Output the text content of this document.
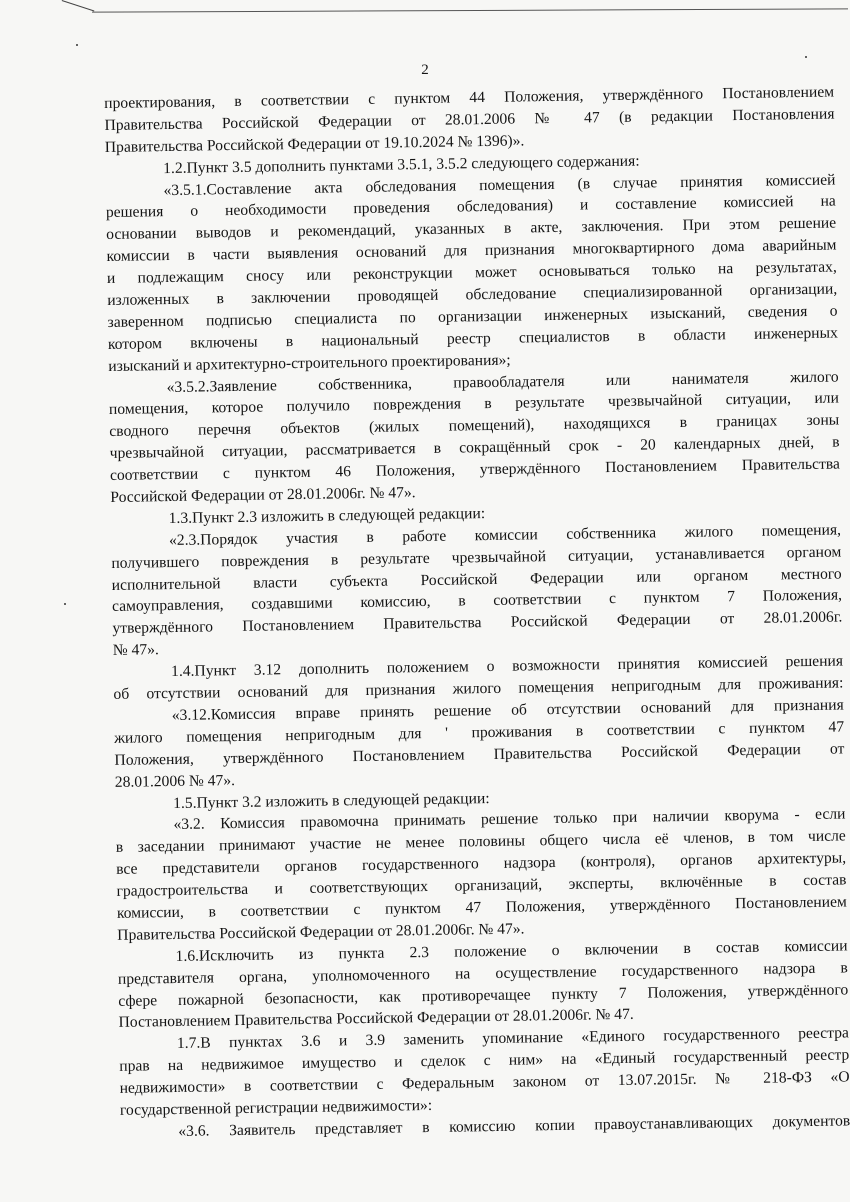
2
проектирования, в соответствии с пунктом 44 Положения, утверждённого Постановлением
Правительства Российской Федерации от 28.01.2006 № 47 (в редакции Постановления
Правительства Российской Федерации от 19.10.2024 № 1396)».
1.2.Пункт 3.5 дополнить пунктами 3.5.1, 3.5.2 следующего содержания:
«3.5.1.Составление акта обследования помещения (в случае принятия комиссией
решения о необходимости проведения обследования) и составление комиссией на
основании выводов и рекомендаций, указанных в акте, заключения. При этом решение
комиссии в части выявления оснований для признания многоквартирного дома аварийным
и подлежащим сносу или реконструкции может основываться только на результатах,
изложенных в заключении проводящей обследование специализированной организации,
заверенном подписью специалиста по организации инженерных изысканий, сведения о
котором включены в национальный реестр специалистов в области инженерных
изысканий и архитектурно-строительного проектирования»;
«3.5.2.Заявление собственника, правообладателя или нанимателя жилого
помещения, которое получило повреждения в результате чрезвычайной ситуации, или
сводного перечня объектов (жилых помещений), находящихся в границах зоны
чрезвычайной ситуации, рассматривается в сокращённый срок - 20 календарных дней, в
соответствии с пунктом 46 Положения, утверждённого Постановлением Правительства
Российской Федерации от 28.01.2006г. № 47».
1.3.Пункт 2.3 изложить в следующей редакции:
«2.3.Порядок участия в работе комиссии собственника жилого помещения,
получившего повреждения в результате чрезвычайной ситуации, устанавливается органом
исполнительной власти субъекта Российской Федерации или органом местного
самоуправления, создавшими комиссию, в соответствии с пунктом 7 Положения,
утверждённого Постановлением Правительства Российской Федерации от 28.01.2006г.
№ 47».
1.4.Пункт 3.12 дополнить положением о возможности принятия комиссией решения
об отсутствии оснований для признания жилого помещения непригодным для проживания:
«3.12.Комиссия вправе принять решение об отсутствии оснований для признания
жилого помещения непригодным для ' проживания в соответствии с пунктом 47
Положения, утверждённого Постановлением Правительства Российской Федерации от
28.01.2006 № 47».
1.5.Пункт 3.2 изложить в следующей редакции:
«3.2. Комиссия правомочна принимать решение только при наличии кворума - если
в заседании принимают участие не менее половины общего числа её членов, в том числе
все представители органов государственного надзора (контроля), органов архитектуры,
градостроительства и соответствующих организаций, эксперты, включённые в состав
комиссии, в соответствии с пунктом 47 Положения, утверждённого Постановлением
Правительства Российской Федерации от 28.01.2006г. № 47».
1.6.Исключить из пункта 2.3 положение о включении в состав комиссии
представителя органа, уполномоченного на осуществление государственного надзора в
сфере пожарной безопасности, как противоречащее пункту 7 Положения, утверждённого
Постановлением Правительства Российской Федерации от 28.01.2006г. № 47.
1.7.В пунктах 3.6 и 3.9 заменить упоминание «Единого государственного реестра
прав на недвижимое имущество и сделок с ним» на «Единый государственный реестр
недвижимости» в соответствии с Федеральным законом от 13.07.2015г. № 218-ФЗ «О
государственной регистрации недвижимости»:
«3.6. Заявитель представляет в комиссию копии правоустанавливающих документов
